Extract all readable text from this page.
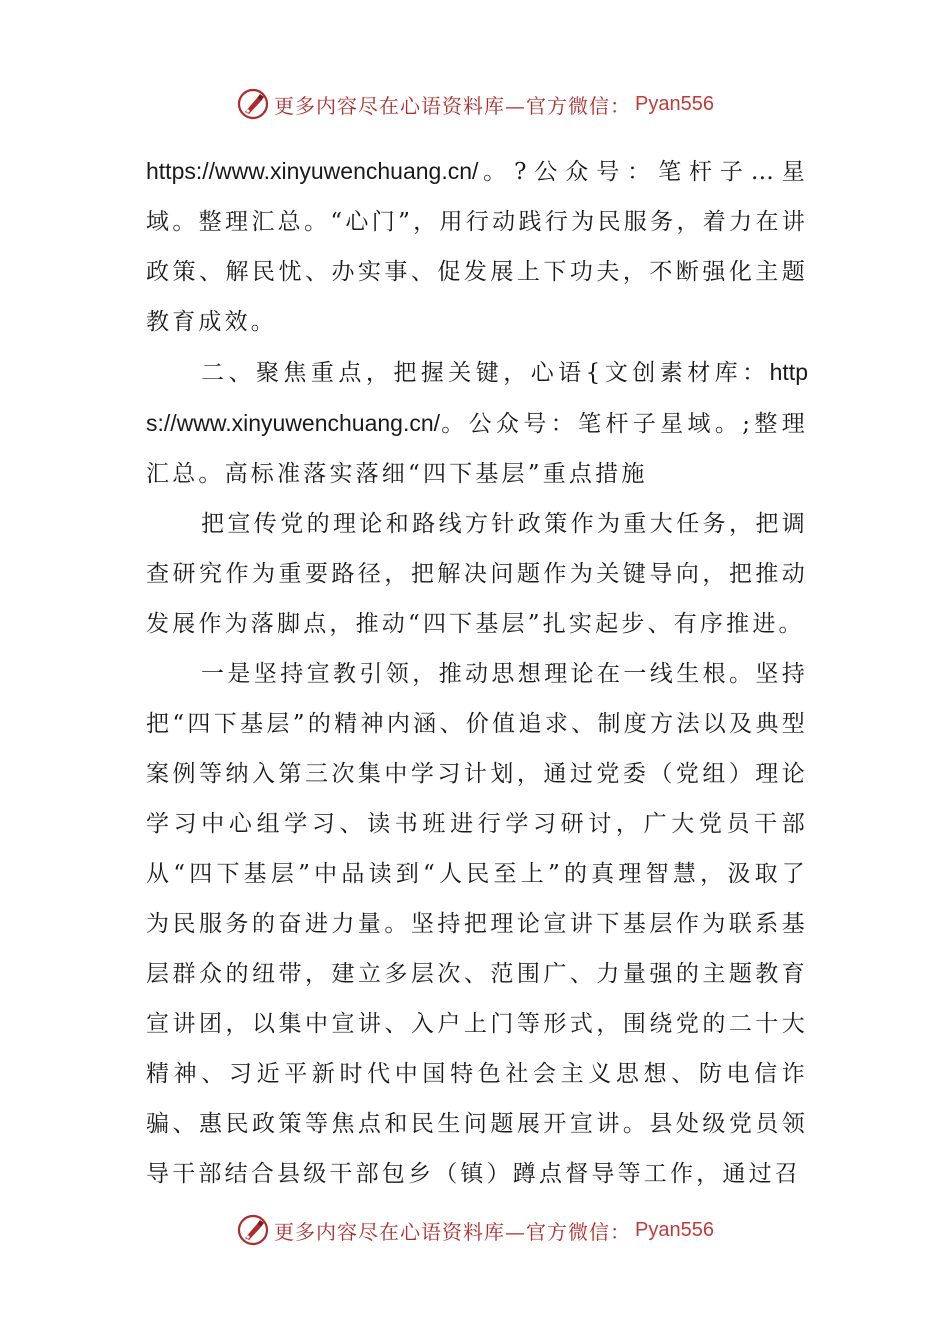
更多内容尽在心语资料库—官方微信： Pyan556

https://www.xinyuwenchuang.cn/。?公众号：笔杆子…星域。整理汇总。“心门”，用行动践行为民服务，着力在讲政策、解民忧、办实事、促发展上下功夫，不断强化主题教育成效。

二、聚焦重点，把握关键，心语{文创素材库：https://www.xinyuwenchuang.cn/。公众号：笔杆子星域。;整理汇总。高标准落实落细“四下基层”重点措施

把宣传党的理论和路线方针政策作为重大任务，把调查研究作为重要路径，把解决问题作为关键导向，把推动发展作为落脚点，推动“四下基层”扎实起步、有序推进。

一是坚持宣教引领，推动思想理论在一线生根。坚持把“四下基层”的精神内涵、价值追求、制度方法以及典型案例等纳入第三次集中学习计划，通过党委（党组）理论学习中心组学习、读书班进行学习研讨，广大党员干部从“四下基层”中品读到“人民至上”的真理智慧，汲取了为民服务的奋进力量。坚持把理论宣讲下基层作为联系基层群众的纽带，建立多层次、范围广、力量强的主题教育宣讲团，以集中宣讲、入户上门等形式，围绕党的二十大精神、习近平新时代中国特色社会主义思想、防电信诈骗、惠民政策等焦点和民生问题展开宣讲。县处级党员领导干部结合县级干部包乡（镇）蹲点督导等工作，通过召

更多内容尽在心语资料库—官方微信： Pyan556
